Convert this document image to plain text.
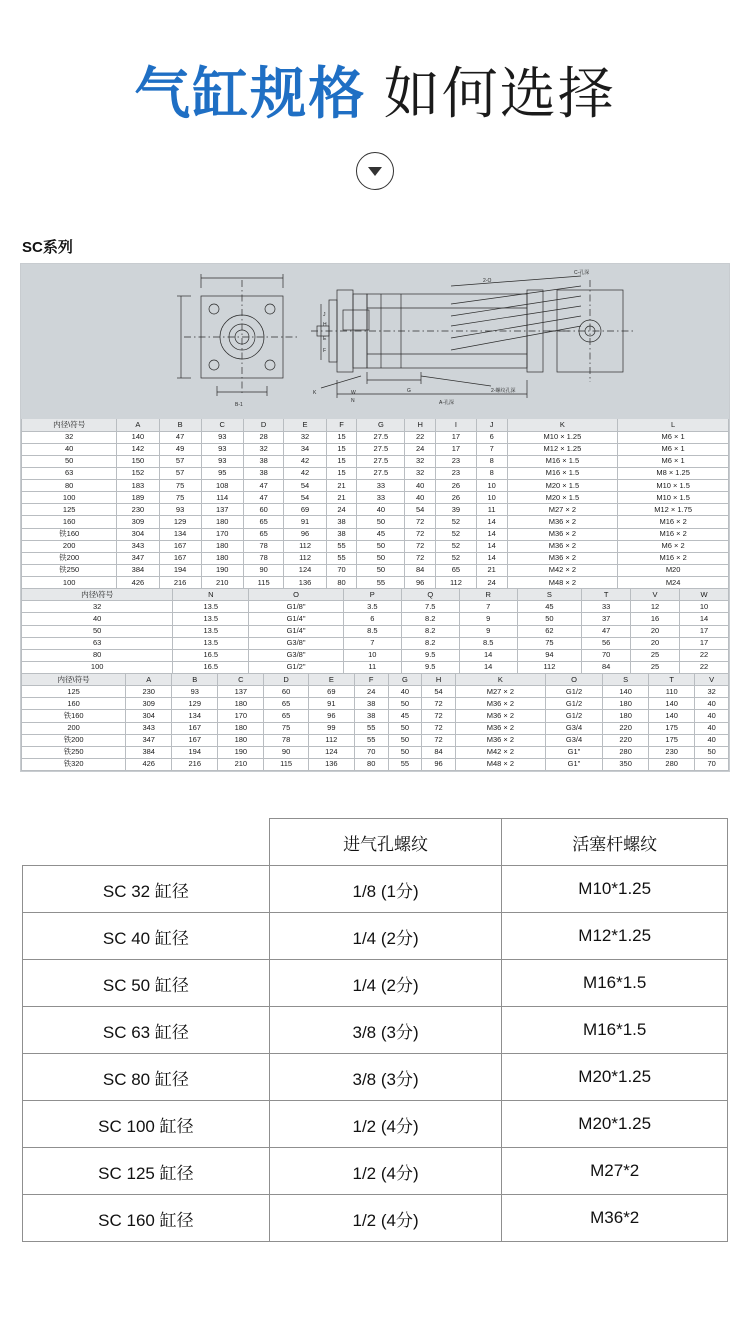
气缸规格 如何选择
SC系列
C-孔深
2-O
2-螺纹孔深
A-孔深
B-1
K	W
N
G
J
H
E
F
内径\符号	A	B	C	D	E	F	G	H	I	J	K	L
32	140	47	93	28	32	15	27.5	22	17	6	M10 × 1.25	M6 × 1
40	142	49	93	32	34	15	27.5	24	17	7	M12 × 1.25	M6 × 1
50	150	57	93	38	42	15	27.5	32	23	8	M16 × 1.5	M6 × 1
63	152	57	95	38	42	15	27.5	32	23	8	M16 × 1.5	M8 × 1.25
80	183	75	108	47	54	21	33	40	26	10	M20 × 1.5	M10 × 1.5
100	189	75	114	47	54	21	33	40	26	10	M20 × 1.5	M10 × 1.5
125	230	93	137	60	69	24	40	54	39	11	M27 × 2	M12 × 1.75
160	309	129	180	65	91	38	50	72	52	14	M36 × 2	M16 × 2
铁160	304	134	170	65	96	38	45	72	52	14	M36 × 2	M16 × 2
200	343	167	180	78	112	55	50	72	52	14	M36 × 2	M6 × 2
铁200	347	167	180	78	112	55	50	72	52	14	M36 × 2	M16 × 2
铁250	384	194	190	90	124	70	50	84	65	21	M42 × 2	M20
100	426	216	210	115	136	80	55	96	112	24	M48 × 2	M24
内径\符号	N	O	P	Q	R	S	T	V	W
32	13.5	G1/8"	3.5	7.5	7	45	33	12	10
40	13.5	G1/4"	6	8.2	9	50	37	16	14
50	13.5	G1/4"	8.5	8.2	9	62	47	20	17
63	13.5	G3/8"	7	8.2	8.5	75	56	20	17
80	16.5	G3/8"	10	9.5	14	94	70	25	22
100	16.5	G1/2"	11	9.5	14	112	84	25	22
内径\符号	A	B	C	D	E	F	G	H	K	O	S	T	V
125	230	93	137	60	69	24	40	54	M27 × 2	G1/2	140	110	32
160	309	129	180	65	91	38	50	72	M36 × 2	G1/2	180	140	40
铁160	304	134	170	65	96	38	45	72	M36 × 2	G1/2	180	140	40
200	343	167	180	75	99	55	50	72	M36 × 2	G3/4	220	175	40
铁200	347	167	180	78	112	55	50	72	M36 × 2	G3/4	220	175	40
铁250	384	194	190	90	124	70	50	84	M42 × 2	G1"	280	230	50
铁320	426	216	210	115	136	80	55	96	M48 × 2	G1"	350	280	70
	进气孔螺纹	活塞杆螺纹
SC 32 缸径	1/8 (1分)	M10*1.25
SC 40 缸径	1/4 (2分)	M12*1.25
SC 50 缸径	1/4 (2分)	M16*1.5
SC 63 缸径	3/8 (3分)	M16*1.5
SC 80 缸径	3/8 (3分)	M20*1.25
SC 100 缸径	1/2 (4分)	M20*1.25
SC 125 缸径	1/2 (4分)	M27*2
SC 160 缸径	1/2 (4分)	M36*2
